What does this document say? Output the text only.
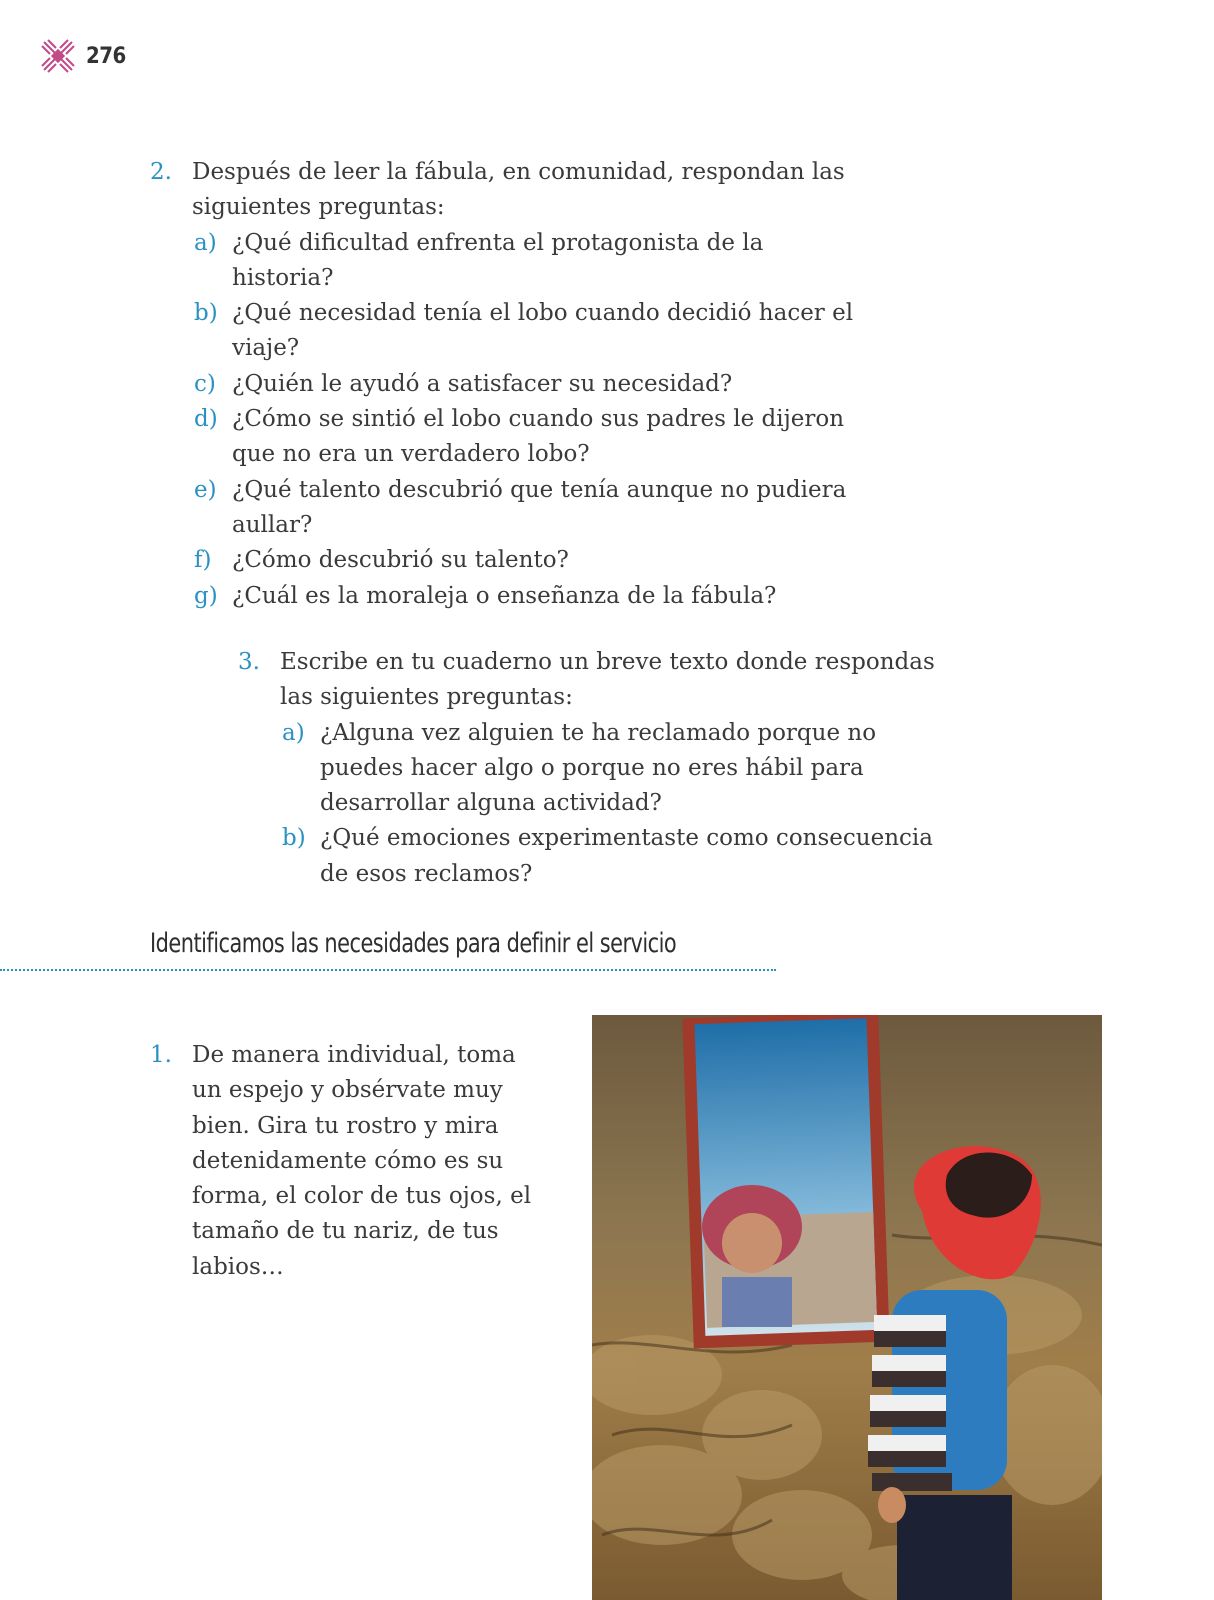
276
2. Después de leer la fábula, en comunidad, respondan las siguientes preguntas:
a) ¿Qué dificultad enfrenta el protagonista de la historia?
b) ¿Qué necesidad tenía el lobo cuando decidió hacer el viaje?
c) ¿Quién le ayudó a satisfacer su necesidad?
d) ¿Cómo se sintió el lobo cuando sus padres le dijeron que no era un verdadero lobo?
e) ¿Qué talento descubrió que tenía aunque no pudiera aullar?
f) ¿Cómo descubrió su talento?
g) ¿Cuál es la moraleja o enseñanza de la fábula?
3. Escribe en tu cuaderno un breve texto donde respondas las siguientes preguntas:
a) ¿Alguna vez alguien te ha reclamado porque no puedes hacer algo o porque no eres hábil para desarrollar alguna actividad?
b) ¿Qué emociones experimentaste como consecuencia de esos reclamos?
Identificamos las necesidades para definir el servicio
1. De manera individual, toma un espejo y obsérvate muy bien. Gira tu rostro y mira detenidamente cómo es su forma, el color de tus ojos, el tamaño de tu nariz, de tus labios…
